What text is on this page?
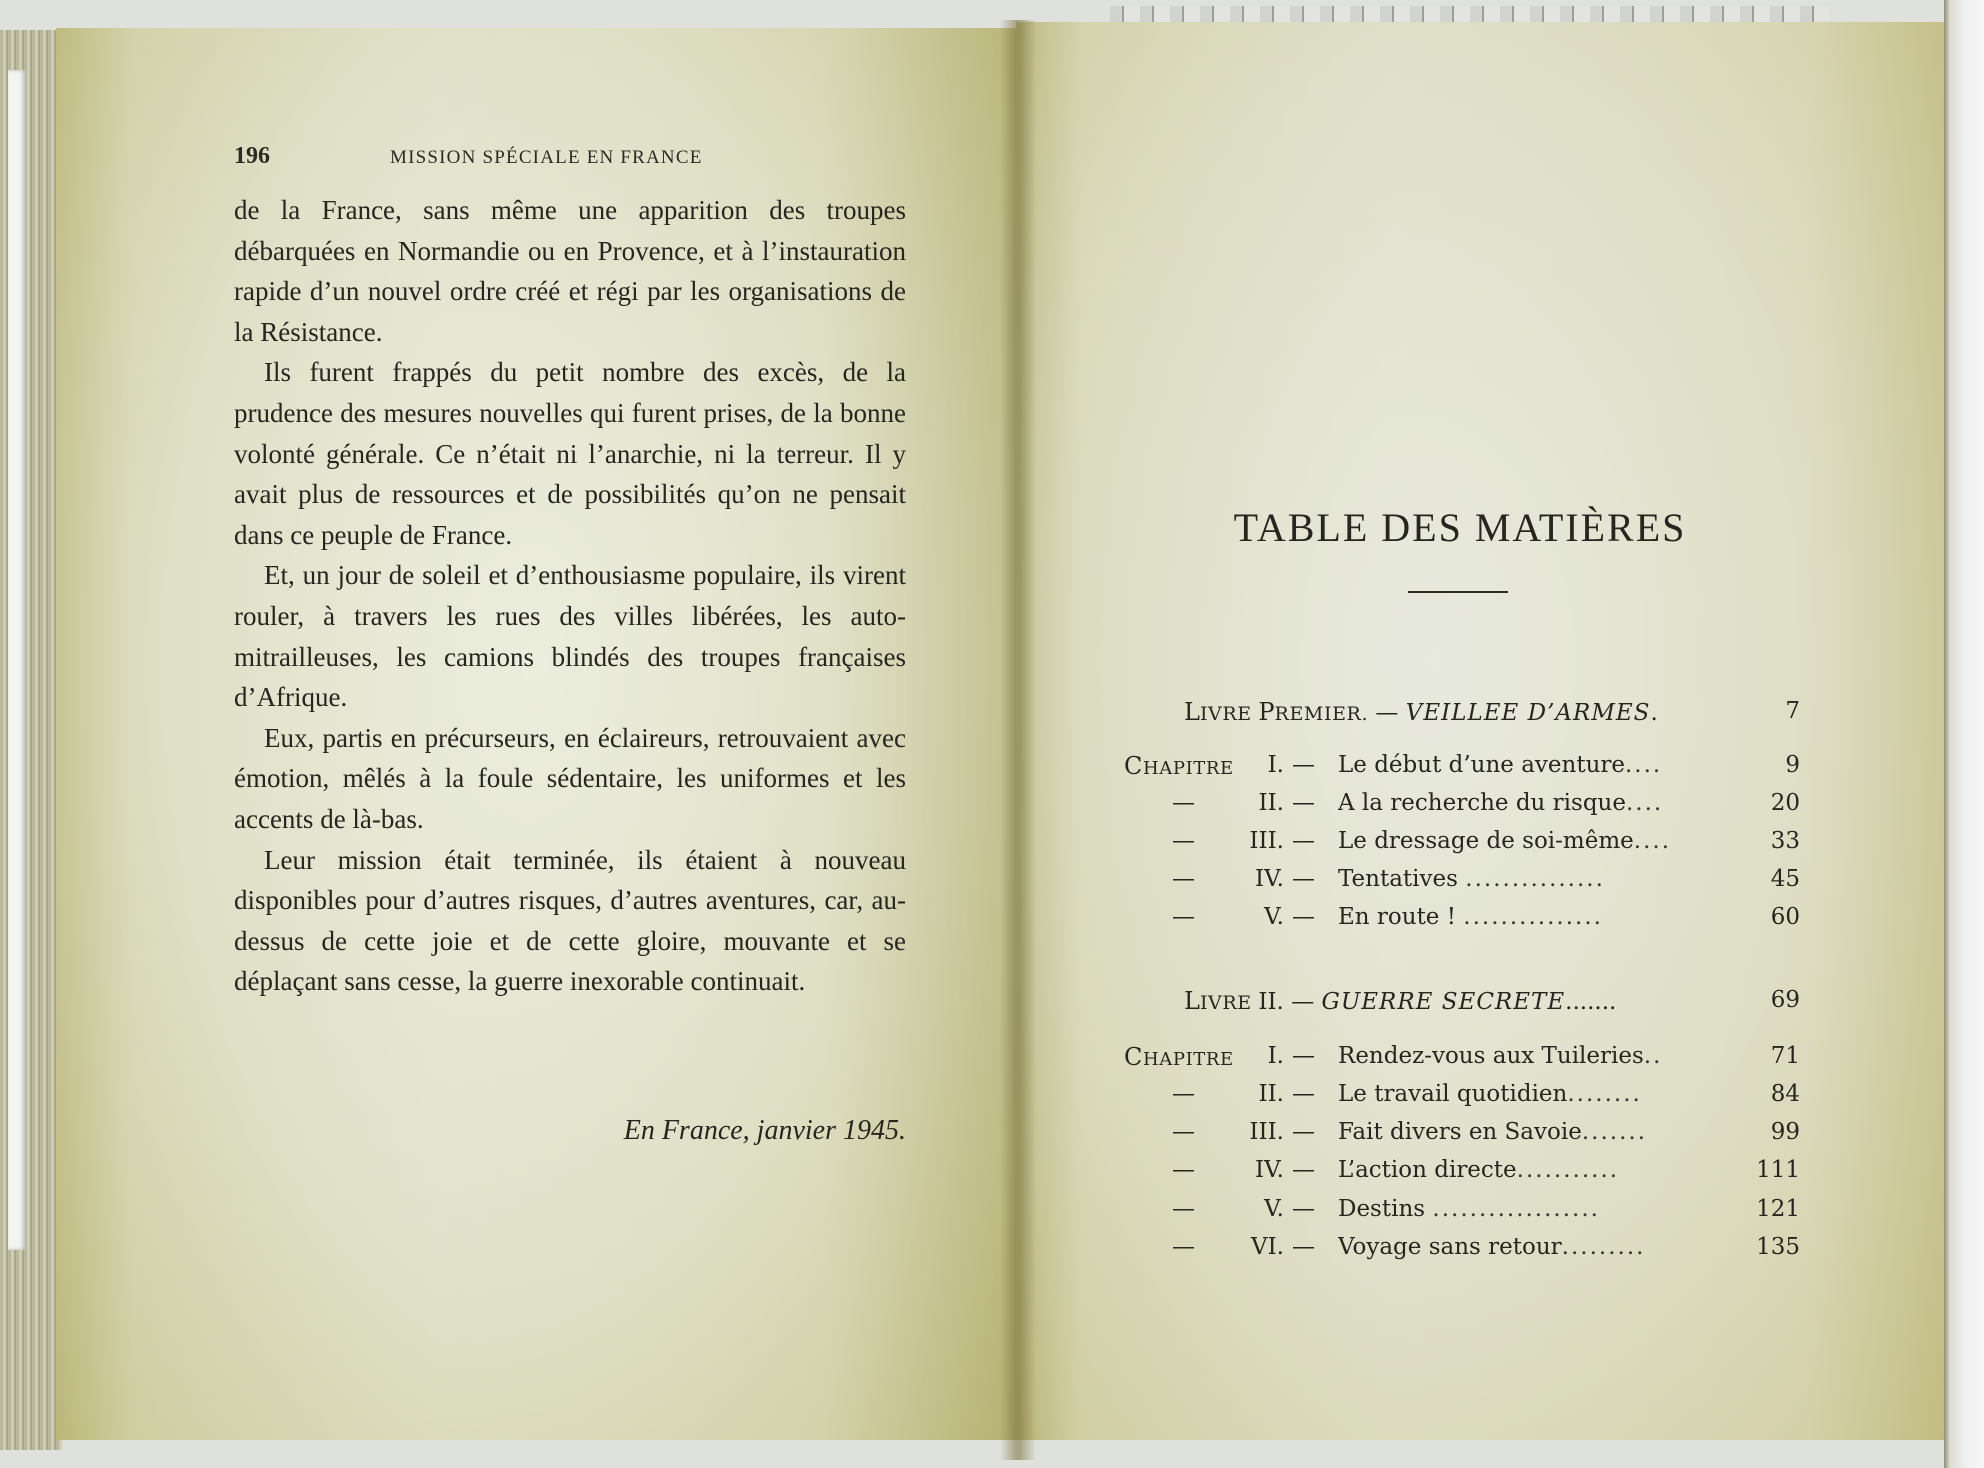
196	MISSION SPÉCIALE EN FRANCE

de la France, sans même une apparition des troupes débarquées en Normandie ou en Provence, et à l’instauration rapide d’un nouvel ordre créé et régi par les organisations de la Résistance.

Ils furent frappés du petit nombre des excès, de la prudence des mesures nouvelles qui furent prises, de la bonne volonté générale. Ce n’était ni l’anarchie, ni la terreur. Il y avait plus de ressources et de possibilités qu’on ne pensait dans ce peuple de France.

Et, un jour de soleil et d’enthousiasme populaire, ils virent rouler, à travers les rues des villes libérées, les auto-mitrailleuses, les camions blindés des troupes françaises d’Afrique.

Eux, partis en précurseurs, en éclaireurs, retrouvaient avec émotion, mêlés à la foule sédentaire, les uniformes et les accents de là-bas.

Leur mission était terminée, ils étaient à nouveau disponibles pour d’autres risques, d’autres aventures, car, au-dessus de cette joie et de cette gloire, mouvante et se déplaçant sans cesse, la guerre inexorable continuait.

En France, janvier 1945.
TABLE DES MATIÈRES
LIVRE PREMIER. — VEILLEE D’ARMES.	7
CHAPITRE	I. — Le début d’une aventure....	9
—	II. — A la recherche du risque....	20
—	III. — Le dressage de soi-même....	33
—	IV. — Tentatives ...............	45
—	V. — En route ! ...............	60
LIVRE II. — GUERRE SECRETE.......	69
CHAPITRE	I. — Rendez-vous aux Tuileries..	71
—	II. — Le travail quotidien........	84
—	III. — Fait divers en Savoie.......	99
—	IV. — L’action directe...........	111
—	V. — Destins ..................	121
—	VI. — Voyage sans retour.........	135
